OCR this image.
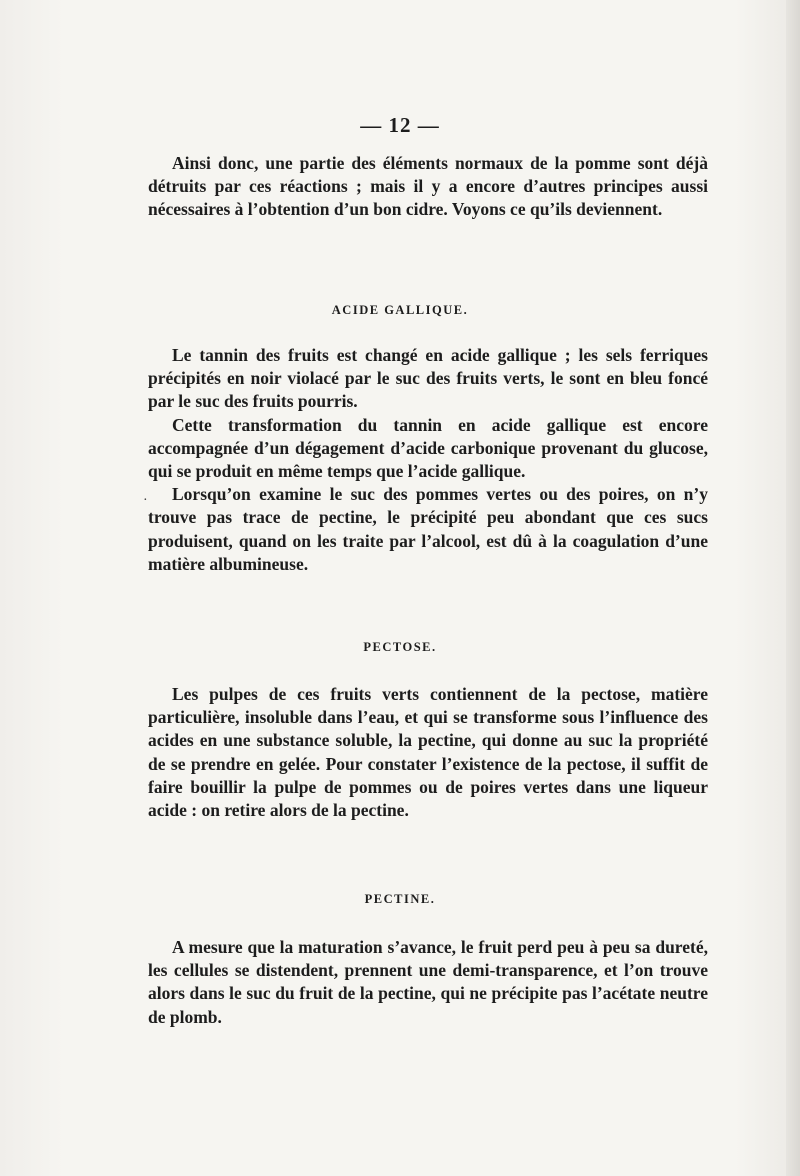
— 12 —

Ainsi donc, une partie des éléments normaux de la pomme sont déjà détruits par ces réactions ; mais il y a encore d’autres principes aussi nécessaires à l’obtention d’un bon cidre. Voyons ce qu’ils deviennent.

ACIDE GALLIQUE.

Le tannin des fruits est changé en acide gallique ; les sels ferriques précipités en noir violacé par le suc des fruits verts, le sont en bleu foncé par le suc des fruits pourris.

Cette transformation du tannin en acide gallique est encore accompagnée d’un dégagement d’acide carbonique provenant du glucose, qui se produit en même temps que l’acide gallique.

Lorsqu’on examine le suc des pommes vertes ou des poires, on n’y trouve pas trace de pectine, le précipité peu abondant que ces sucs produisent, quand on les traite par l’alcool, est dû à la coagulation d’une matière albumineuse.

·
PECTOSE.

Les pulpes de ces fruits verts contiennent de la pectose, matière particulière, insoluble dans l’eau, et qui se transforme sous l’influence des acides en une substance soluble, la pectine, qui donne au suc la propriété de se prendre en gelée. Pour constater l’existence de la pectose, il suffit de faire bouillir la pulpe de pommes ou de poires vertes dans une liqueur acide : on retire alors de la pectine.

PECTINE.

A mesure que la maturation s’avance, le fruit perd peu à peu sa dureté, les cellules se distendent, prennent une demi-transparence, et l’on trouve alors dans le suc du fruit de la pectine, qui ne précipite pas l’acétate neutre de plomb.
